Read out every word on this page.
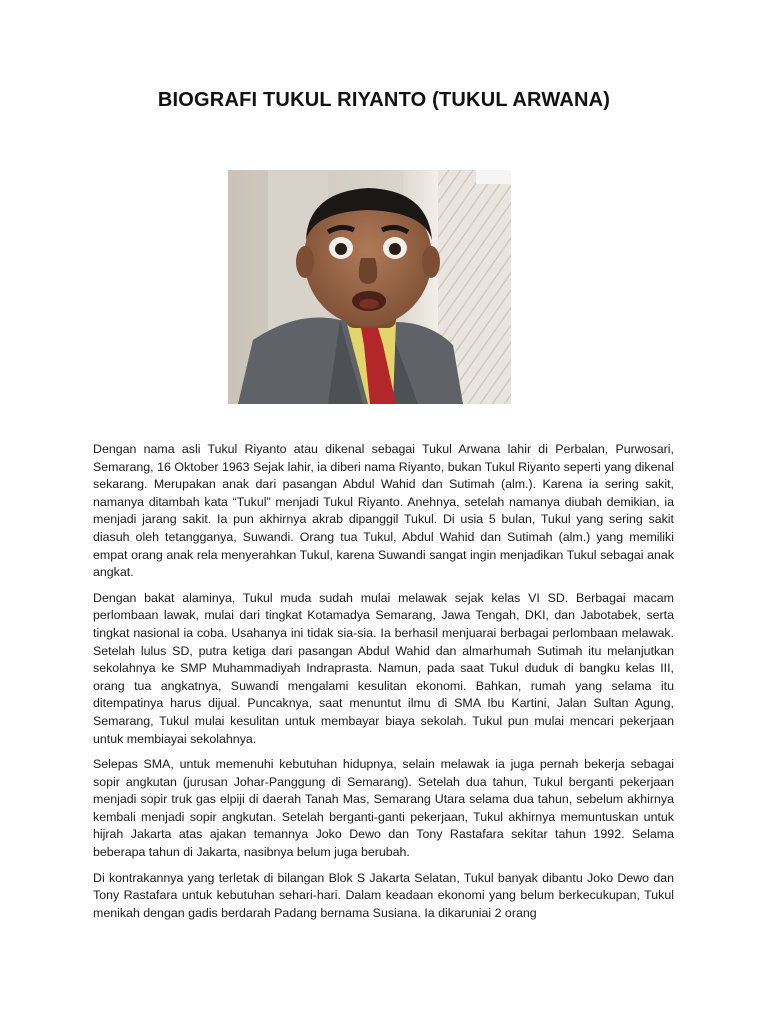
BIOGRAFI TUKUL RIYANTO (TUKUL ARWANA)

Dengan nama asli Tukul Riyanto atau dikenal sebagai Tukul Arwana lahir di Perbalan, Purwosari, Semarang, 16 Oktober 1963 Sejak lahir, ia diberi nama Riyanto, bukan Tukul Riyanto seperti yang dikenal sekarang. Merupakan anak dari pasangan Abdul Wahid dan Sutimah (alm.). Karena ia sering sakit, namanya ditambah kata “Tukul” menjadi Tukul Riyanto. Anehnya, setelah namanya diubah demikian, ia menjadi jarang sakit. Ia pun akhirnya akrab dipanggil Tukul. Di usia 5 bulan, Tukul yang sering sakit diasuh oleh tetangganya, Suwandi. Orang tua Tukul, Abdul Wahid dan Sutimah (alm.) yang memiliki empat orang anak rela menyerahkan Tukul, karena Suwandi sangat ingin menjadikan Tukul sebagai anak angkat.

Dengan bakat alaminya, Tukul muda sudah mulai melawak sejak kelas VI SD. Berbagai macam perlombaan lawak, mulai dari tingkat Kotamadya Semarang, Jawa Tengah, DKI, dan Jabotabek, serta tingkat nasional ia coba. Usahanya ini tidak sia-sia. Ia berhasil menjuarai berbagai perlombaan melawak. Setelah lulus SD, putra ketiga dari pasangan Abdul Wahid dan almarhumah Sutimah itu melanjutkan sekolahnya ke SMP Muhammadiyah Indraprasta. Namun, pada saat Tukul duduk di bangku kelas III, orang tua angkatnya, Suwandi mengalami kesulitan ekonomi. Bahkan, rumah yang selama itu ditempatinya harus dijual. Puncaknya, saat menuntut ilmu di SMA Ibu Kartini, Jalan Sultan Agung, Semarang, Tukul mulai kesulitan untuk membayar biaya sekolah. Tukul pun mulai mencari pekerjaan untuk membiayai sekolahnya.

Selepas SMA, untuk memenuhi kebutuhan hidupnya, selain melawak ia juga pernah bekerja sebagai sopir angkutan (jurusan Johar-Panggung di Semarang). Setelah dua tahun, Tukul berganti pekerjaan menjadi sopir truk gas elpiji di daerah Tanah Mas, Semarang Utara selama dua tahun, sebelum akhirnya kembali menjadi sopir angkutan. Setelah berganti-ganti pekerjaan, Tukul akhirnya memuntuskan untuk hijrah Jakarta atas ajakan temannya Joko Dewo dan Tony Rastafara sekitar tahun 1992. Selama beberapa tahun di Jakarta, nasibnya belum juga berubah.

Di kontrakannya yang terletak di bilangan Blok S Jakarta Selatan, Tukul banyak dibantu Joko Dewo dan Tony Rastafara untuk kebutuhan sehari-hari. Dalam keadaan ekonomi yang belum berkecukupan, Tukul menikah dengan gadis berdarah Padang bernama Susiana. Ia dikaruniai 2 orang
